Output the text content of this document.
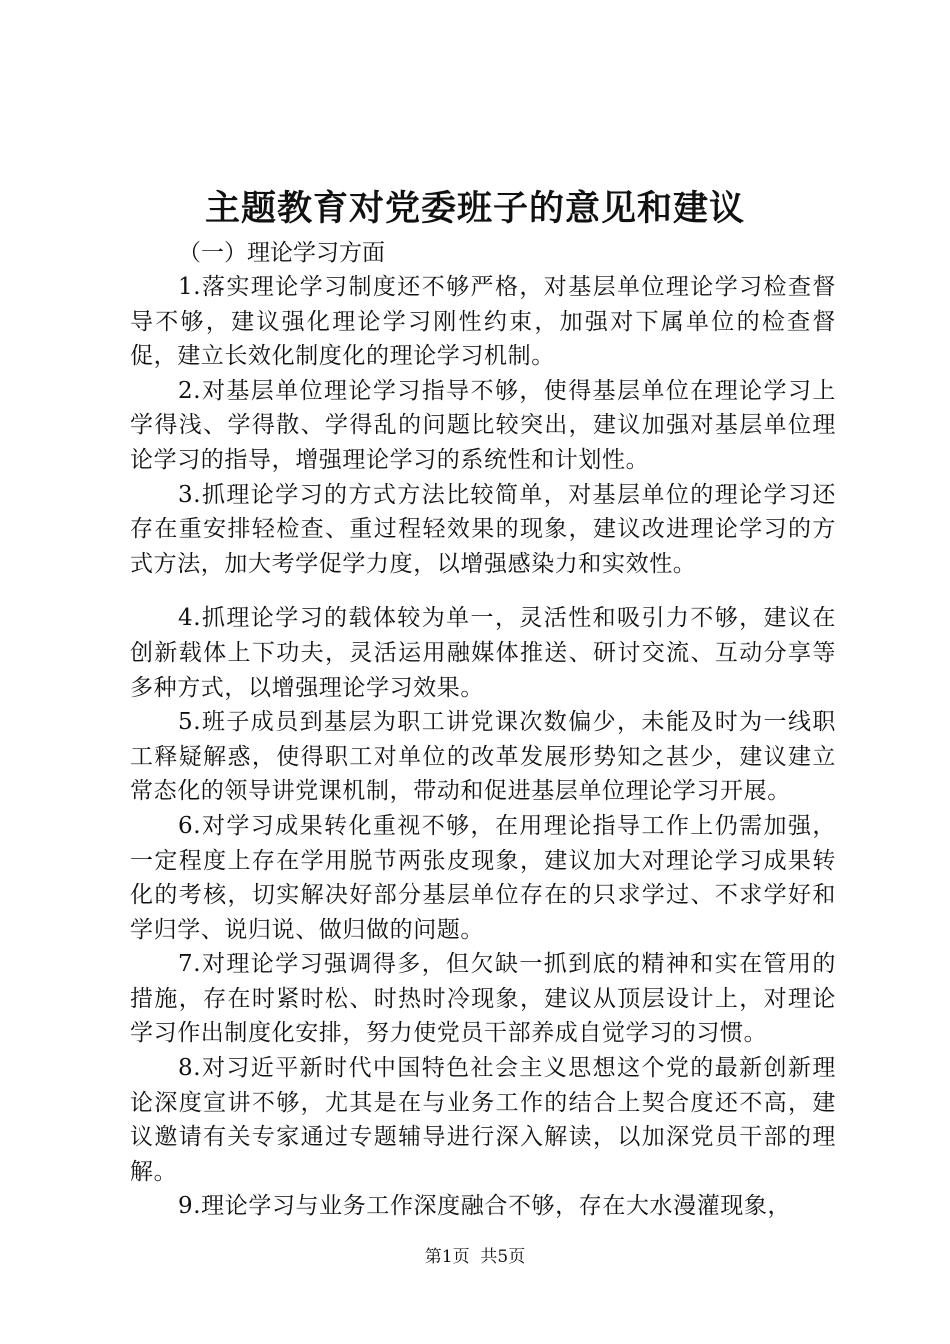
主题教育对党委班子的意见和建议

（一）理论学习方面

1.落实理论学习制度还不够严格，对基层单位理论学习检查督导不够，建议强化理论学习刚性约束，加强对下属单位的检查督促，建立长效化制度化的理论学习机制。

2.对基层单位理论学习指导不够，使得基层单位在理论学习上学得浅、学得散、学得乱的问题比较突出，建议加强对基层单位理论学习的指导，增强理论学习的系统性和计划性。

3.抓理论学习的方式方法比较简单，对基层单位的理论学习还存在重安排轻检查、重过程轻效果的现象，建议改进理论学习的方式方法，加大考学促学力度，以增强感染力和实效性。

4.抓理论学习的载体较为单一，灵活性和吸引力不够，建议在创新载体上下功夫，灵活运用融媒体推送、研讨交流、互动分享等多种方式，以增强理论学习效果。

5.班子成员到基层为职工讲党课次数偏少，未能及时为一线职工释疑解惑，使得职工对单位的改革发展形势知之甚少，建议建立常态化的领导讲党课机制，带动和促进基层单位理论学习开展。

6.对学习成果转化重视不够，在用理论指导工作上仍需加强，一定程度上存在学用脱节两张皮现象，建议加大对理论学习成果转化的考核，切实解决好部分基层单位存在的只求学过、不求学好和学归学、说归说、做归做的问题。

7.对理论学习强调得多，但欠缺一抓到底的精神和实在管用的措施，存在时紧时松、时热时冷现象，建议从顶层设计上，对理论学习作出制度化安排，努力使党员干部养成自觉学习的习惯。

8.对习近平新时代中国特色社会主义思想这个党的最新创新理论深度宣讲不够，尤其是在与业务工作的结合上契合度还不高，建议邀请有关专家通过专题辅导进行深入解读，以加深党员干部的理解。

9.理论学习与业务工作深度融合不够，存在大水漫灌现象，

第1页 共5页
